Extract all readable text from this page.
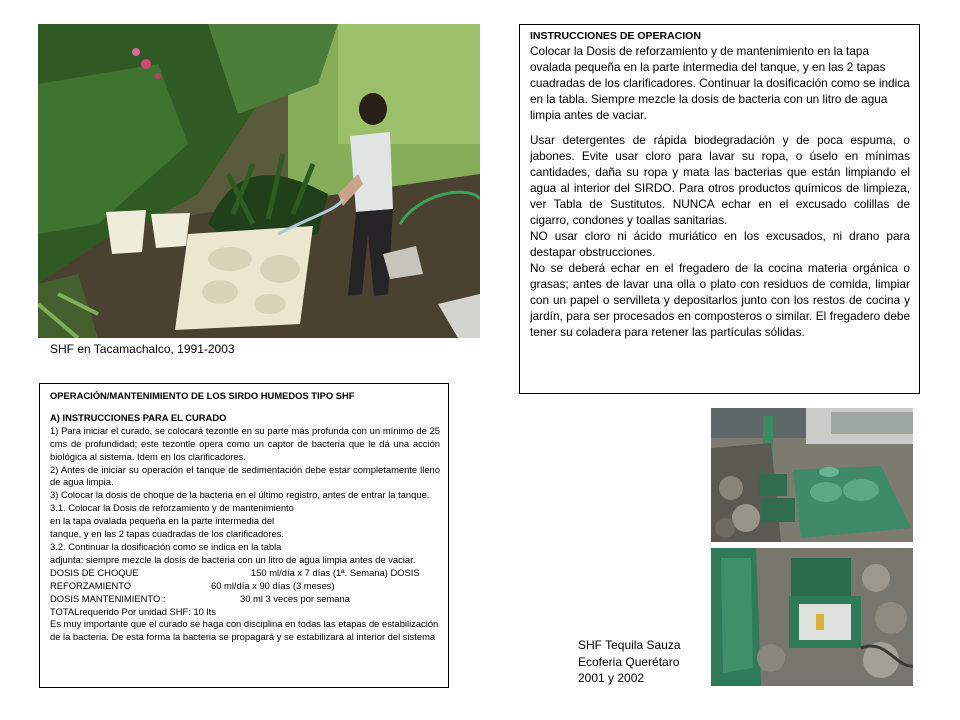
SHF en Tacamachalco, 1991-2003
INSTRUCCIONES DE OPERACION

Colocar la Dosis de reforzamiento y de mantenimiento en la tapa ovalada pequeña en la parte intermedia del tanque, y en las 2 tapas cuadradas de los clarificadores. Continuar la dosificación como se indica en la tabla. Siempre mezcle la dosis de bacteria con un litro de agua limpia antes de vaciar.

Usar detergentes de rápida biodegradación y de poca espuma, o jabones. Evite usar cloro para lavar su ropa, o úselo en mínimas cantidades, daña su ropa y mata las bacterias que están limpiando el agua al interior del SIRDO. Para otros productos químicos de limpieza, ver Tabla de Sustitutos. NUNCA echar en el excusado colillas de cigarro, condones y toallas sanitarias.

NO usar cloro ni ácido muriático en los excusados, ni drano para destapar obstrucciones.

No se deberá echar en el fregadero de la cocina materia orgánica o grasas; antes de lavar una olla o plato con residuos de comida, limpiar con un papel o servilleta y depositarlos junto con los restos de cocina y jardín, para ser procesados en composteros o similar. El fregadero debe tener su coladera para retener las partículas sólidas.

OPERACIÓN/MANTENIMIENTO DE LOS SIRDO HUMEDOS TIPO SHF

A) INSTRUCCIONES PARA EL CURADO

1) Para iniciar el curado, se colocará tezontle en su parte más profunda con un mínimo de 25 cms de profundidad; este tezontle opera como un captor de bacteria que le dá una acción biológica al sistema. Idem en los clarificadores.

2) Antes de iniciar su operación el tanque de sedimentación debe estar completamente lleno de agua limpia.

3) Colocar la dosis de choque de la bacteria en el último registro, antes de entrar la tanque.

3.1. Colocar la Dosis de reforzamiento y de mantenimiento

en la tapa ovalada pequeña en la parte intermedia del

tanque, y en las 2 tapas cuadradas de los clarificadores.

3.2. Continuar la dosificación como se indica en la tabla

adjunta: siempre mezcle la dosis de bacteria con un litro de agua limpia antes de vaciar.

DOSIS DE CHOQUE	150 ml/día x 7 días (1ª. Semana) DOSIS

REFORZAMIENTO	60 ml/día x 90 días (3 meses)

DOSIS MANTENIMIENTO :	30 ml 3 veces por semana

TOTALrequerido Por unidad SHF: 10 lts

Es muy importante que el curado se haga con disciplina en todas las etapas de estabilización de la bacteria. De esta forma la bacteria se propagará y se estabilizará al interior del sistema

SHF Tequila Sauza
Ecoferia Querétaro
2001 y 2002
